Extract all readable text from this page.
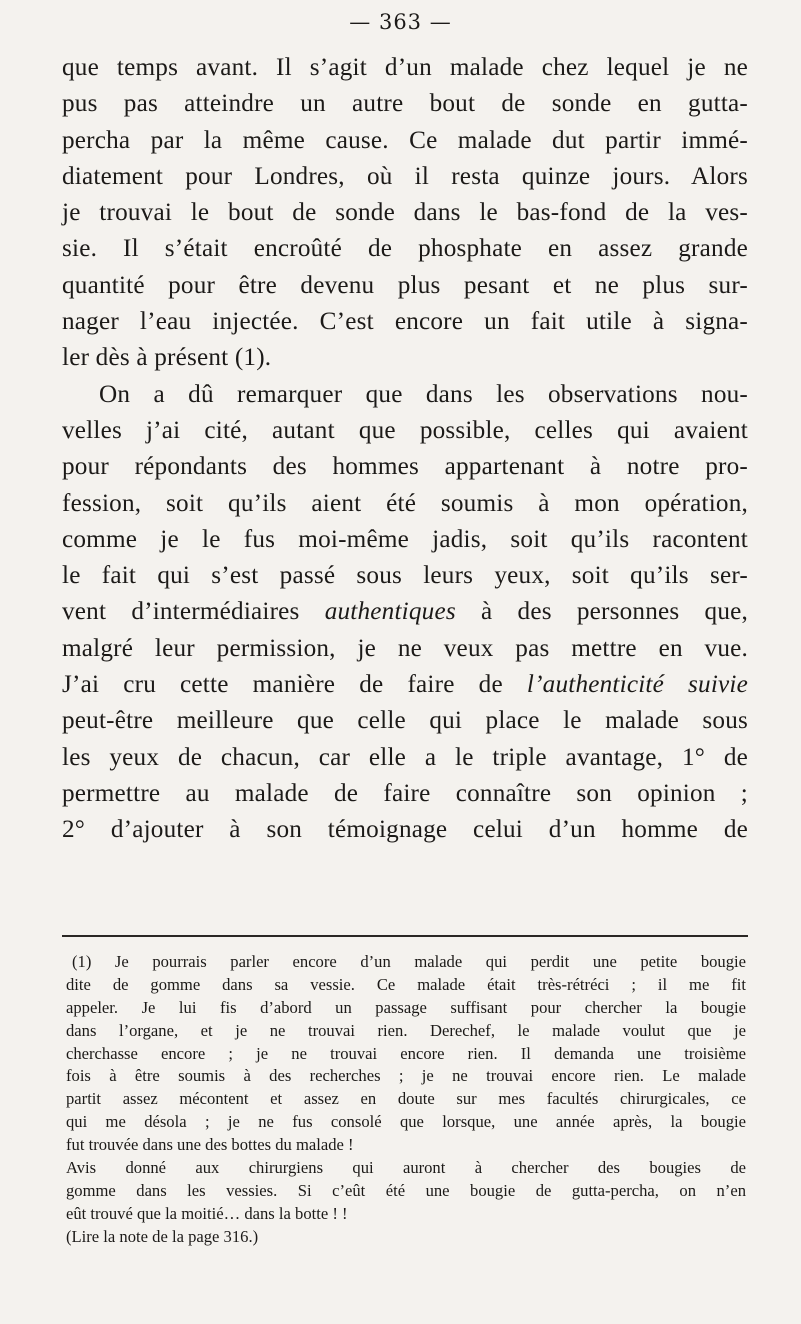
— 363 —
que temps avant. Il s’agit d’un malade chez lequel je ne
pus pas atteindre un autre bout de sonde en gutta-
percha par la même cause. Ce malade dut partir immé-
diatement pour Londres, où il resta quinze jours. Alors
je trouvai le bout de sonde dans le bas-fond de la ves-
sie. Il s’était encroûté de phosphate en assez grande
quantité pour être devenu plus pesant et ne plus sur-
nager l’eau injectée. C’est encore un fait utile à signa-
ler dès à présent (1).
On a dû remarquer que dans les observations nou-
velles j’ai cité, autant que possible, celles qui avaient
pour répondants des hommes appartenant à notre pro-
fession, soit qu’ils aient été soumis à mon opération,
comme je le fus moi-même jadis, soit qu’ils racontent
le fait qui s’est passé sous leurs yeux, soit qu’ils ser-
vent d’intermédiaires authentiques à des personnes que,
malgré leur permission, je ne veux pas mettre en vue.
J’ai cru cette manière de faire de l’authenticité suivie
peut-être meilleure que celle qui place le malade sous
les yeux de chacun, car elle a le triple avantage, 1° de
permettre au malade de faire connaître son opinion ;
2° d’ajouter à son témoignage celui d’un homme de
(1) Je pourrais parler encore d’un malade qui perdit une petite bougie
dite de gomme dans sa vessie. Ce malade était très-rétréci ; il me fit
appeler. Je lui fis d’abord un passage suffisant pour chercher la bougie
dans l’organe, et je ne trouvai rien. Derechef, le malade voulut que je
cherchasse encore ; je ne trouvai encore rien. Il demanda une troisième
fois à être soumis à des recherches ; je ne trouvai encore rien. Le malade
partit assez mécontent et assez en doute sur mes facultés chirurgicales, ce
qui me désola ; je ne fus consolé que lorsque, une année après, la bougie
fut trouvée dans une des bottes du malade !
Avis donné aux chirurgiens qui auront à chercher des bougies de
gomme dans les vessies. Si c’eût été une bougie de gutta-percha, on n’en
eût trouvé que la moitié… dans la botte ! !
(Lire la note de la page 316.)
